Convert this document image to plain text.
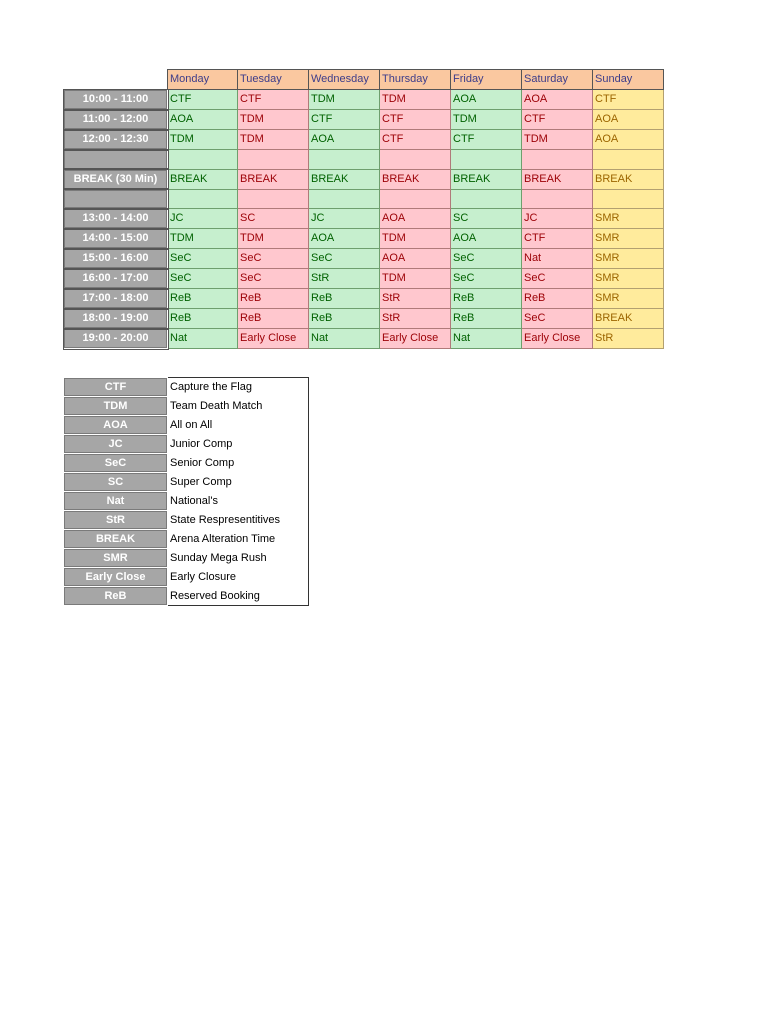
	Monday	Tuesday	Wednesday	Thursday	Friday	Saturday	Sunday
10:00 - 11:00	CTF	CTF	TDM	TDM	AOA	AOA	CTF
11:00 - 12:00	AOA	TDM	CTF	CTF	TDM	CTF	AOA
12:00 - 12:30	TDM	TDM	AOA	CTF	CTF	TDM	AOA

BREAK (30 Min)	BREAK	BREAK	BREAK	BREAK	BREAK	BREAK	BREAK

13:00 - 14:00	JC	SC	JC	AOA	SC	JC	SMR
14:00 - 15:00	TDM	TDM	AOA	TDM	AOA	CTF	SMR
15:00 - 16:00	SeC	SeC	SeC	AOA	SeC	Nat	SMR
16:00 - 17:00	SeC	SeC	StR	TDM	SeC	SeC	SMR
17:00 - 18:00	ReB	ReB	ReB	StR	ReB	ReB	SMR
18:00 - 19:00	ReB	ReB	ReB	StR	ReB	SeC	BREAK
19:00 - 20:00	Nat	Early Close	Nat	Early Close	Nat	Early Close	StR
CTF	Capture the Flag
TDM	Team Death Match
AOA	All on All
JC	Junior Comp
SeC	Senior Comp
SC	Super Comp
Nat	National's
StR	State Respresentitives
BREAK	Arena Alteration Time
SMR	Sunday Mega Rush
Early Close	Early Closure
ReB	Reserved Booking
